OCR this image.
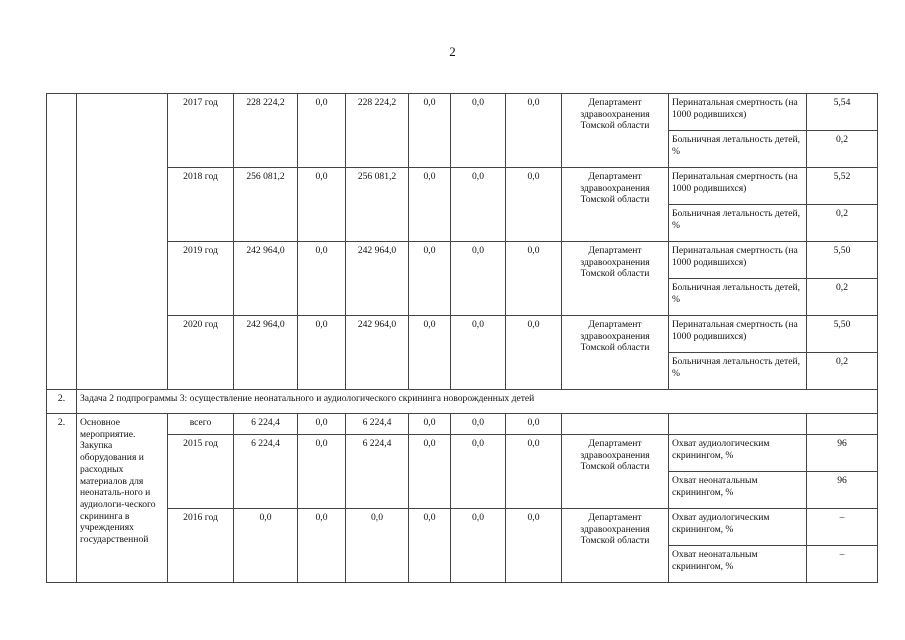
2
		2017 год	228 224,2	0,0	228 224,2	0,0	0,0	0,0	Департамент
здравоохранения
Томской области	Перинатальная смертность (на 1000 родившихся)	5,54
										Больничная летальность детей, %	0,2
		2018 год	256 081,2	0,0	256 081,2	0,0	0,0	0,0	Департамент
здравоохранения
Томской области	Перинатальная смертность (на 1000 родившихся)	5,52
										Больничная летальность детей, %	0,2
		2019 год	242 964,0	0,0	242 964,0	0,0	0,0	0,0	Департамент
здравоохранения
Томской области	Перинатальная смертность (на 1000 родившихся)	5,50
										Больничная летальность детей, %	0,2
		2020 год	242 964,0	0,0	242 964,0	0,0	0,0	0,0	Департамент
здравоохранения
Томской области	Перинатальная смертность (на 1000 родившихся)	5,50
										Больничная летальность детей, %	0,2
2.	Задача 2 подпрограммы 3: осуществление неонатального и аудиологического скрининга новорожденных детей										
2.	Основное мероприятие. Закупка оборудования и расходных материалов для неонаталь-ного и аудиологи-ческого скрининга в учреждениях государственной	всего	6 224,4	0,0	6 224,4	0,0	0,0	0,0			
		2015 год	6 224,4	0,0	6 224,4	0,0	0,0	0,0	Департамент
здравоохранения
Томской области	Охват аудиологическим скринингом, %	96
										Охват неонатальным скринингом, %	96
		2016 год	0,0	0,0	0,0	0,0	0,0	0,0	Департамент
здравоохранения
Томской области	Охват аудиологическим скринингом, %	–
										Охват неонатальным скринингом, %	–
